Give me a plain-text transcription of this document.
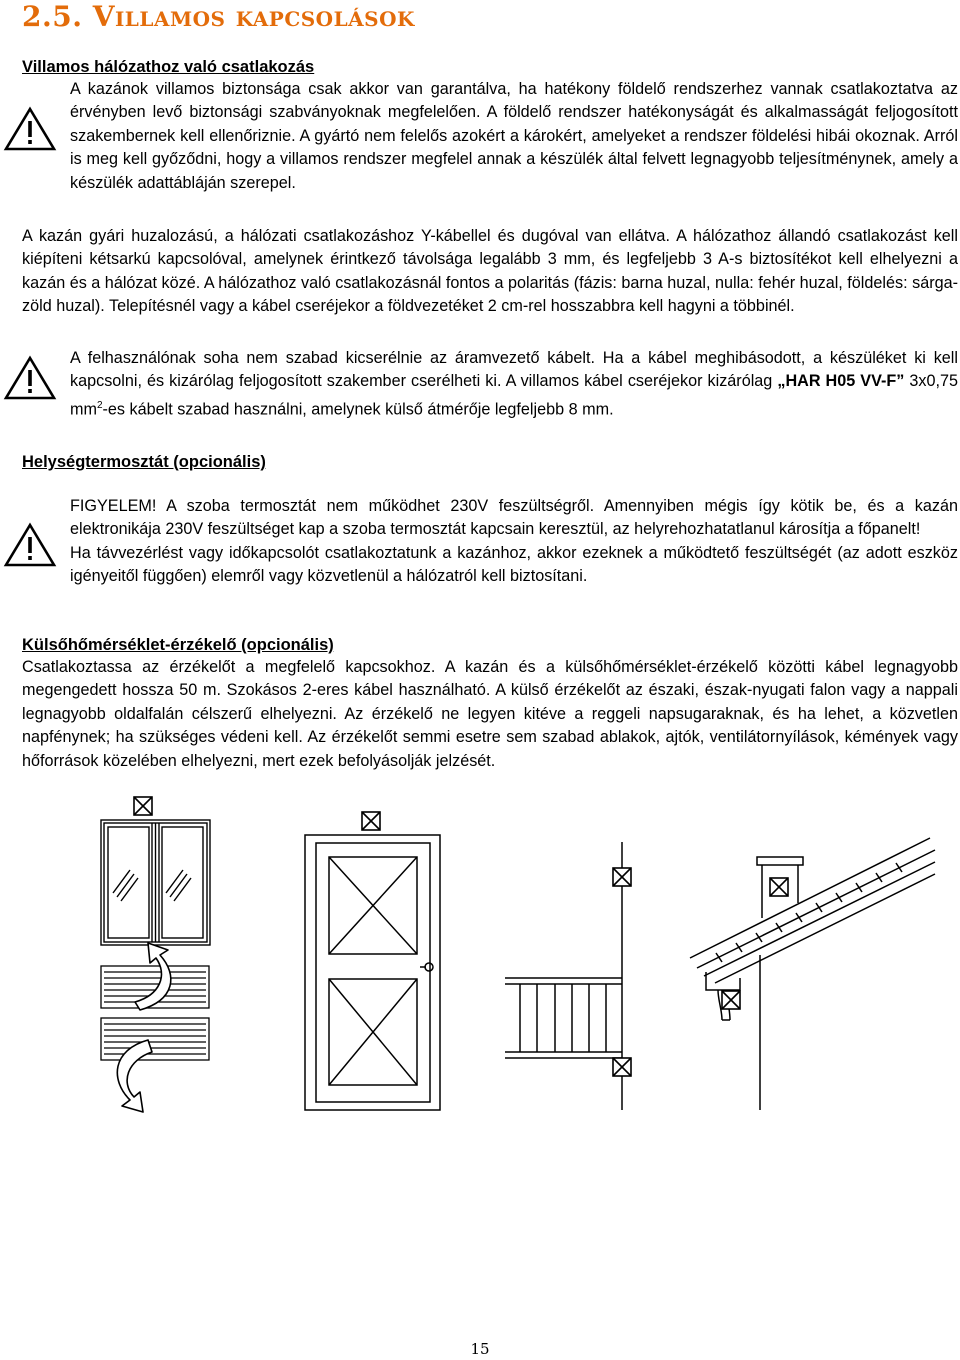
2.5. Villamos kapcsolások
Villamos hálózathoz való csatlakozás

A kazánok villamos biztonsága csak akkor van garantálva, ha hatékony földelő rendszerhez vannak csatlakoztatva az érvényben levő biztonsági szabványoknak megfelelően. A földelő rendszer hatékonyságát és alkalmasságát feljogosított szakembernek kell ellenőriznie. A gyártó nem felelős azokért a károkért, amelyeket a rendszer földelési hibái okoznak. Arról is meg kell győződni, hogy a villamos rendszer megfelel annak a készülék által felvett legnagyobb teljesítménynek, amely a készülék adattábláján szerepel.

A kazán gyári huzalozású, a hálózati csatlakozáshoz Y-kábellel és dugóval van ellátva. A hálózathoz állandó csatlakozást kell kiépíteni kétsarkú kapcsolóval, amelynek érintkező távolsága legalább 3 mm, és legfeljebb 3 A-s biztosítékot kell elhelyezni a kazán és a hálózat közé. A hálózathoz való csatlakozásnál fontos a polaritás (fázis: barna huzal, nulla: fehér huzal, földelés: sárga-zöld huzal). Telepítésnél vagy a kábel cseréjekor a földvezetéket 2 cm-rel hosszabbra kell hagyni a többinél.

A felhasználónak soha nem szabad kicserélnie az áramvezető kábelt. Ha a kábel meghibásodott, a készüléket ki kell kapcsolni, és kizárólag feljogosított szakember cserélheti ki. A villamos kábel cseréjekor kizárólag „HAR H05 VV-F” 3x0,75 $mm^2-es$ kábelt szabad használni, amelynek külső átmérője legfeljebb 8 mm.

Helységtermosztát (opcionális)

FIGYELEM! A szoba termosztát nem működhet 230V feszültségről. Amennyiben mégis így kötik be, és a kazán elektronikája 230V feszültséget kap a szoba termosztát kapcsain keresztül, az helyrehozhatatlanul károsítja a főpanelt!

Ha távvezérlést vagy időkapcsolót csatlakoztatunk a kazánhoz, akkor ezeknek a működtető feszültségét (az adott eszköz igényeitől függően) elemről vagy közvetlenül a hálózatról kell biztosítani.

Külsőhőmérséklet-érzékelő (opcionális)

Csatlakoztassa az érzékelőt a megfelelő kapcsokhoz. A kazán és a külsőhőmérséklet-érzékelő közötti kábel legnagyobb megengedett hossza 50 m. Szokásos 2-eres kábel használható. A külső érzékelőt az északi, észak-nyugati falon vagy a nappali legnagyobb oldalfalán célszerű elhelyezni. Az érzékelő ne legyen kitéve a reggeli napsugaraknak, és ha lehet, a közvetlen napfénynek; ha szükséges védeni kell. Az érzékelőt semmi esetre sem szabad ablakok, ajtók, ventilátornyílások, kémények vagy hőforrások közelében elhelyezni, mert ezek befolyásolják jelzését.

15
